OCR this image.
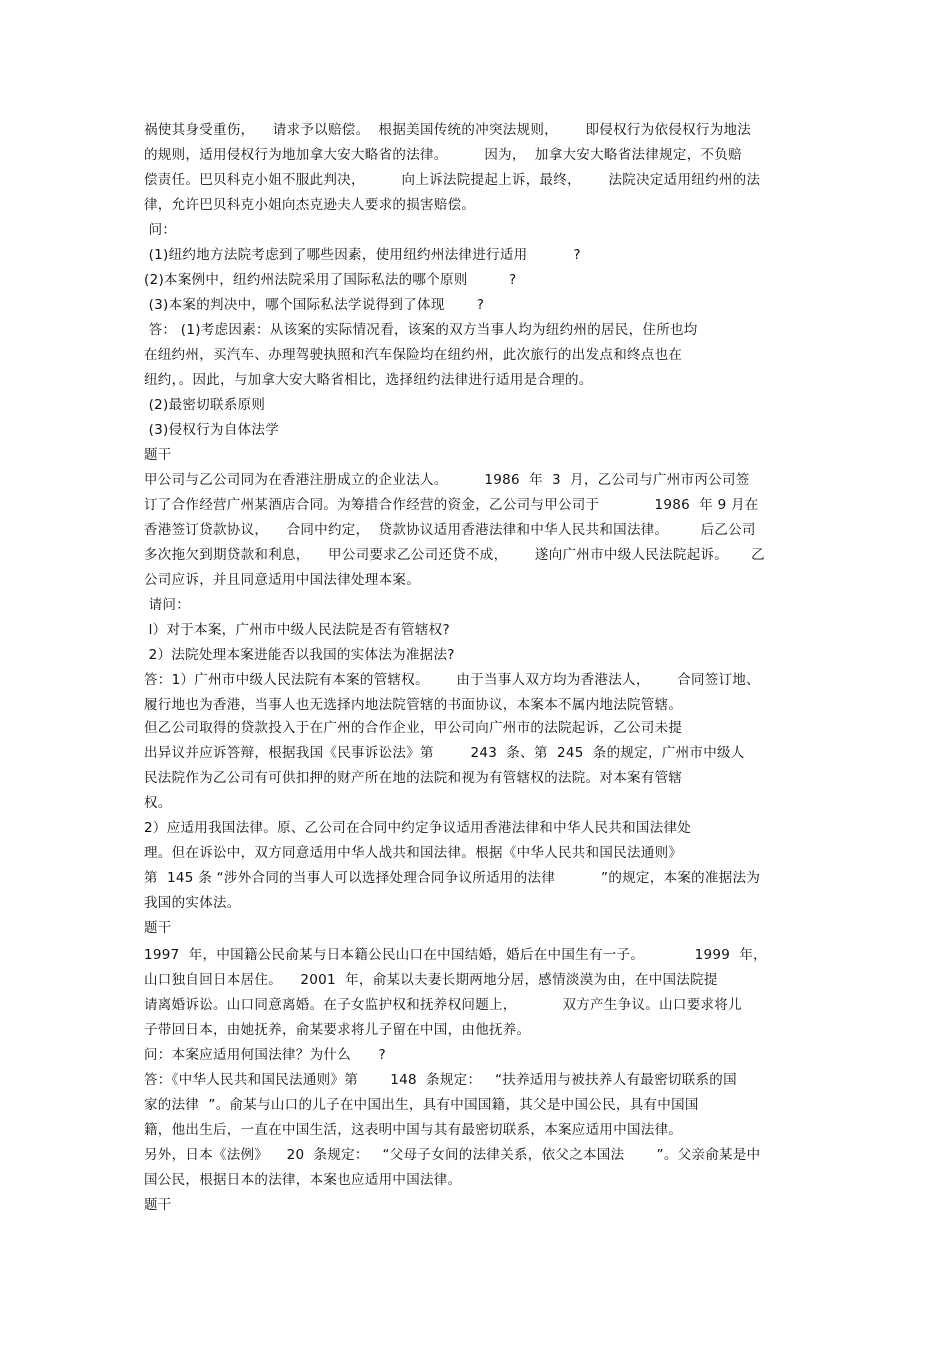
祸使其身受重伤，    请求予以赔偿。  根据美国传统的冲突法规则，      即侵权行为依侵权行为地法
的规则，适用侵权行为地加拿大安大略省的法律。        因为，  加拿大安大略省法律规定，不负赔
偿责任。巴贝科克小姐不服此判决，        向上诉法院提起上诉，最终，      法院决定适用纽约州的法
律，允许巴贝科克小姐向杰克逊夫人要求的损害赔偿。
问：
(1)纽约地方法院考虑到了哪些因素，使用纽约州法律进行适用          ?
(2)本案例中，纽约州法院采用了国际私法的哪个原则         ?
(3)本案的判决中，哪个国际私法学说得到了体现       ?
答： (1)考虑因素：从该案的实际情况看，该案的双方当事人均为纽约州的居民，住所也均
在纽约州，买汽车、办理驾驶执照和汽车保险均在纽约州，此次旅行的出发点和终点也在
纽约，。因此，与加拿大安大略省相比，选择纽约法律进行适用是合理的。
(2)最密切联系原则
(3)侵权行为自体法学
题干
甲公司与乙公司同为在香港注册成立的企业法人。        1986  年  3  月，乙公司与广州市丙公司签
订了合作经营广州某酒店合同。为筹措合作经营的资金，乙公司与甲公司于            1986  年 9 月在
香港签订贷款协议，    合同中约定，  贷款协议适用香港法律和中华人民共和国法律。       后乙公司
多次拖欠到期贷款和利息，    甲公司要求乙公司还贷不成，      遂向广州市中级人民法院起诉。     乙
公司应诉，并且同意适用中国法律处理本案。
请问：
l）对于本案，广州市中级人民法院是否有管辖权?
2）法院处理本案进能否以我国的实体法为准据法?
答：1）广州市中级人民法院有本案的管辖权。      由于当事人双方均为香港法人，      合同签订地、
履行地也为香港，当事人也无选择内地法院管辖的书面协议，本案本不属内地法院管辖。
但乙公司取得的贷款投入于在广州的合作企业，甲公司向广州市的法院起诉，乙公司未提
出异议并应诉答辩，根据我国《民事诉讼法》第        243  条、第  245  条的规定，广州市中级人
民法院作为乙公司有可供扣押的财产所在地的法院和视为有管辖权的法院。对本案有管辖
权。
2）应适用我国法律。原、乙公司在合同中约定争议适用香港法律和中华人民共和国法律处
理。但在诉讼中，双方同意适用中华人战共和国法律。根据《中华人民共和国民法通则》
第  145 条 “涉外合同的当事人可以选择处理合同争议所适用的法律          ”的规定，本案的准据法为
我国的实体法。
题干
1997  年，中国籍公民俞某与日本籍公民山口在中国结婚，婚后在中国生有一子。           1999  年，
山口独自回日本居住。    2001  年，俞某以夫妻长期两地分居，感情淡漠为由，在中国法院提
请离婚诉讼。山口同意离婚。在子女监护权和抚养权问题上，          双方产生争议。山口要求将儿
子带回日本，由她抚养，俞某要求将儿子留在中国，由他抚养。
问：本案应适用何国法律？为什么      ?
答：《中华人民共和国民法通则》第       148  条规定：   “扶养适用与被扶养人有最密切联系的国
家的法律  ”。俞某与山口的儿子在中国出生，具有中国国籍，其父是中国公民，具有中国国
籍，他出生后，一直在中国生活，这表明中国与其有最密切联系，本案应适用中国法律。
另外，日本《法例》    20  条规定：   “父母子女间的法律关系，依父之本国法       ”。父亲俞某是中
国公民，根据日本的法律，本案也应适用中国法律。
题干
